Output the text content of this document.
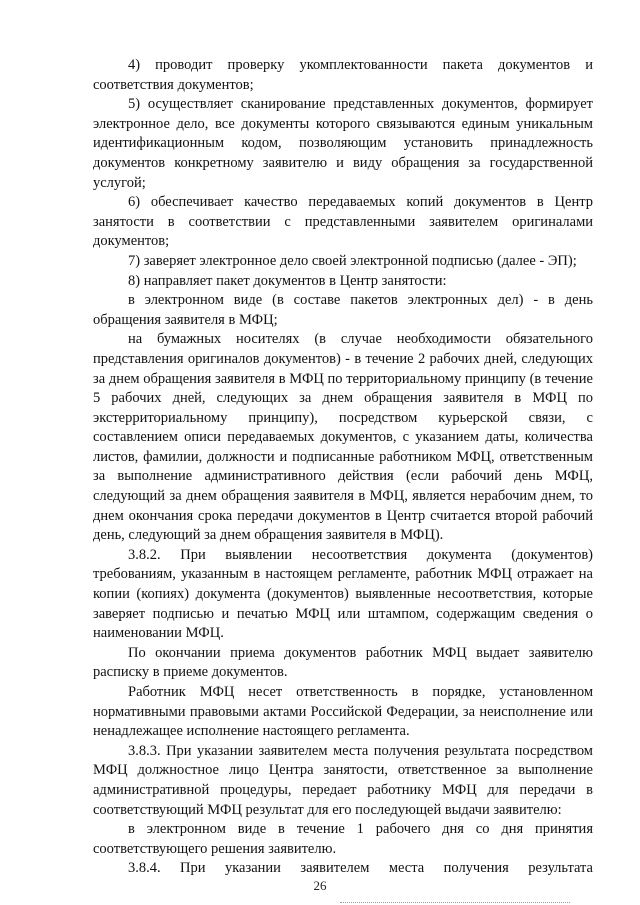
4) проводит проверку укомплектованности пакета документов и соответствия документов;

5) осуществляет сканирование представленных документов, формирует электронное дело, все документы которого связываются единым уникальным идентификационным кодом, позволяющим установить принадлежность документов конкретному заявителю и виду обращения за государственной услугой;

6) обеспечивает качество передаваемых копий документов в Центр занятости в соответствии с представленными заявителем оригиналами документов;

7) заверяет электронное дело своей электронной подписью (далее - ЭП);

8) направляет пакет документов в Центр занятости:

в электронном виде (в составе пакетов электронных дел) - в день обращения заявителя в МФЦ;

на бумажных носителях (в случае необходимости обязательного представления оригиналов документов) - в течение 2 рабочих дней, следующих за днем обращения заявителя в МФЦ по территориальному принципу (в течение 5 рабочих дней, следующих за днем обращения заявителя в МФЦ по экстерриториальному принципу), посредством курьерской связи, с составлением описи передаваемых документов, с указанием даты, количества листов, фамилии, должности и подписанные работником МФЦ, ответственным за выполнение административного действия (если рабочий день МФЦ, следующий за днем обращения заявителя в МФЦ, является нерабочим днем, то днем окончания срока передачи документов в Центр считается второй рабочий день, следующий за днем обращения заявителя в МФЦ).

3.8.2. При выявлении несоответствия документа (документов) требованиям, указанным в настоящем регламенте, работник МФЦ отражает на копии (копиях) документа (документов) выявленные несоответствия, которые заверяет подписью и печатью МФЦ или штампом, содержащим сведения о наименовании МФЦ.

По окончании приема документов работник МФЦ выдает заявителю расписку в приеме документов.

Работник МФЦ несет ответственность в порядке, установленном нормативными правовыми актами Российской Федерации, за неисполнение или ненадлежащее исполнение настоящего регламента.

3.8.3. При указании заявителем места получения результата посредством МФЦ должностное лицо Центра занятости, ответственное за выполнение административной процедуры, передает работнику МФЦ для передачи в соответствующий МФЦ результат для его последующей выдачи заявителю:

в электронном виде в течение 1 рабочего дня со дня принятия соответствующего решения заявителю.

3.8.4. При указании заявителем места получения результата

26
